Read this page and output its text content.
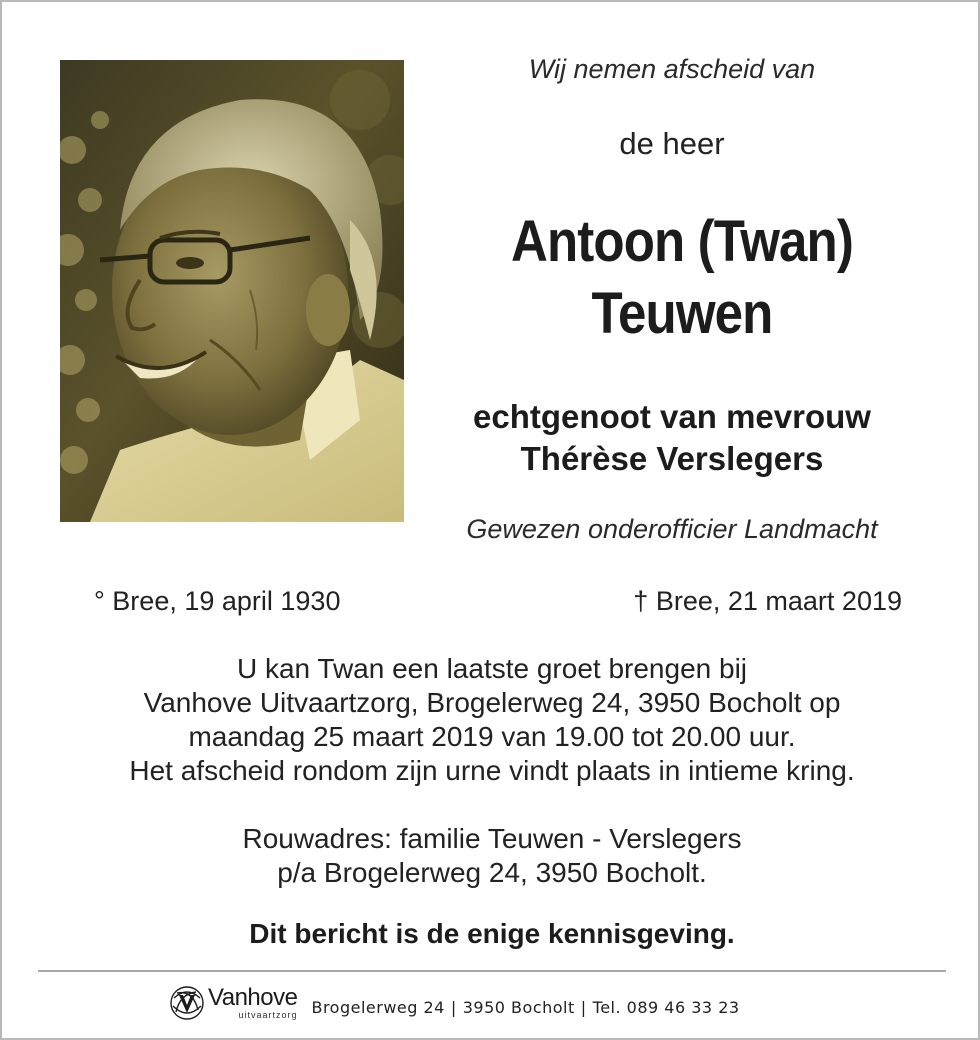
Wij nemen afscheid van
de heer
Antoon (Twan)
Teuwen
echtgenoot van mevrouw
Thérèse Verslegers
Gewezen onderofficier Landmacht
° Bree, 19 april 1930	† Bree, 21 maart 2019
U kan Twan een laatste groet brengen bij
Vanhove Uitvaartzorg, Brogelerweg 24, 3950 Bocholt op
maandag 25 maart 2019 van 19.00 tot 20.00 uur.
Het afscheid rondom zijn urne vindt plaats in intieme kring.
Rouwadres: familie Teuwen - Verslegers
p/a Brogelerweg 24, 3950 Bocholt.
Dit bericht is de enige kennisgeving.
Vanhove
uitvaartzorg Brogelerweg 24 | 3950 Bocholt | Tel. 089 46 33 23
